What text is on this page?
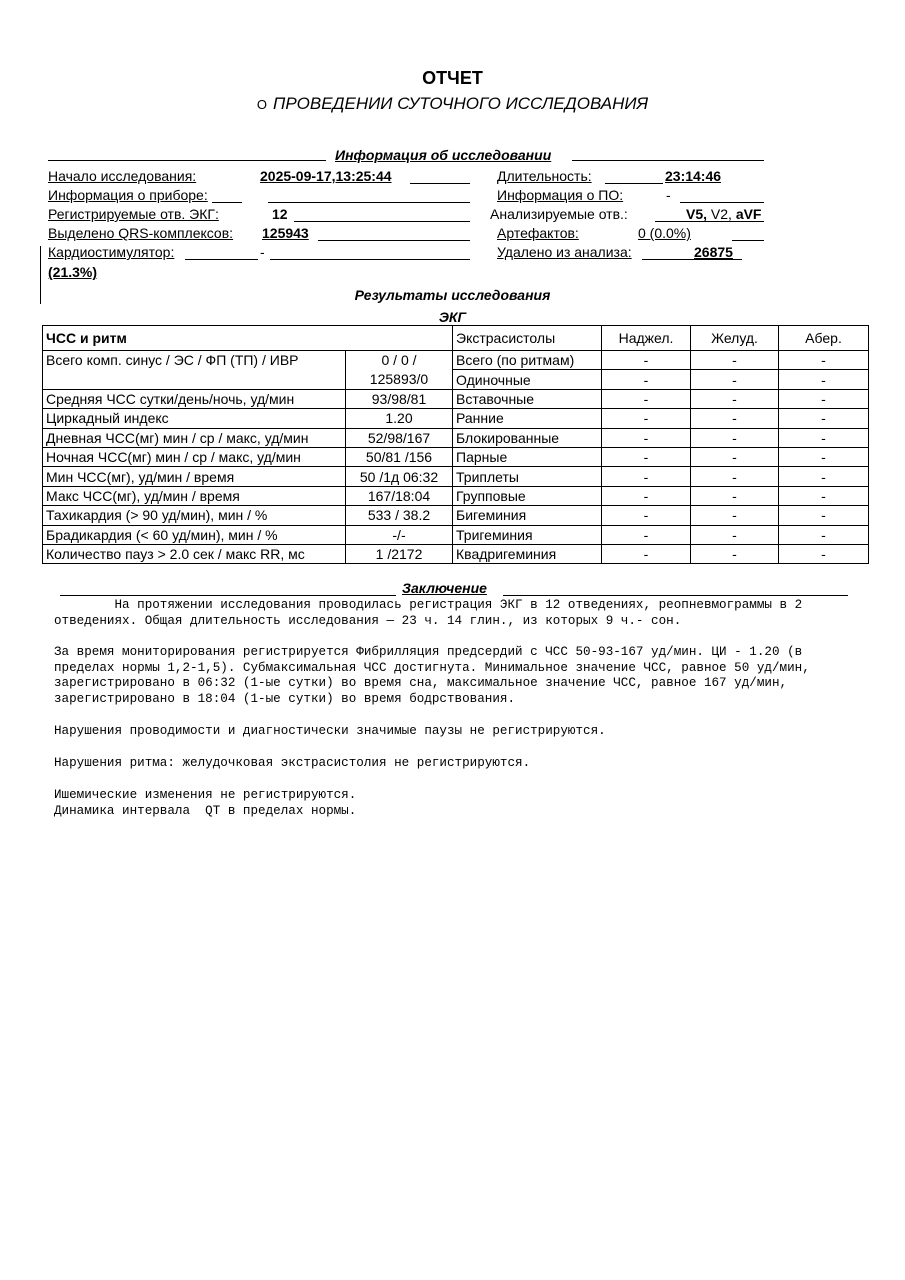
ОТЧЕТ
О ПРОВЕДЕНИИ СУТОЧНОГО ИССЛЕДОВАНИЯ
Информация об исследовании
Начало исследования:	2025-09-17,13:25:44	Длительность:	23:14:46
Информация о приборе:	Информация о ПО:	-
Регистрируемые отв. ЭКГ:	12	Анализируемые отв.:	V5, V2, aVF
Выделено QRS-комплексов: 125943	Артефактов:	0 (0.0%)
Кардиостимулятор:	-	Удалено из анализа:	26875
(21.3%)
Результаты исследования
ЭКГ
ЧСС и ритм		Экстрасистолы	Наджел.	Желуд.	Абер.
Всего комп. синус / ЭС / ФП (ТП) / ИВР	0 / 0 /	Всего (по ритмам)	-	-	-
	125893/0	Одиночные	-	-	-
Средняя ЧСС сутки/день/ночь, уд/мин	93/98/81	Вставочные	-	-	-
Циркадный индекс	1.20	Ранние	-	-	-
Дневная ЧСС(мг) мин / ср / макс, уд/мин	52/98/167	Блокированные	-	-	-
Ночная ЧСС(мг) мин / ср / макс, уд/мин	50/81 /156	Парные	-	-	-
Мин ЧСС(мг), уд/мин / время	50 /1д 06:32	Триплеты	-	-	-
Макс ЧСС(мг), уд/мин / время	167/18:04	Групповые	-	-	-
Тахикардия (> 90 уд/мин), мин / %	533 / 38.2	Бигеминия	-	-	-
Брадикардия (< 60 уд/мин), мин / %	-/-	Тригеминия	-	-	-
Количество пауз > 2.0 сек / макс RR, мс	1 /2172	Квадригеминия	-	-	-
Заключение
На протяжении исследования проводилась регистрация ЭКГ в 12 отведениях, реопневмограммы в 2
отведениях. Общая длительность исследования — 23 ч. 14 глин., из которых 9 ч.- сон.
За время мониторирования регистрируется Фибрилляция предсердий с ЧСС 50-93-167 уд/мин. ЦИ - 1.20 (в
пределах нормы 1,2-1,5). Субмаксимальная ЧСС достигнута. Минимальное значение ЧСС, равное 50 уд/мин,
зарегистрировано в 06:32 (1-ые сутки) во время сна, максимальное значение ЧСС, равное 167 уд/мин,
зарегистрировано в 18:04 (1-ые сутки) во время бодрствования.
Нарушения проводимости и диагностически значимые паузы не регистрируются.
Нарушения ритма: желудочковая экстрасистолия не регистрируются.
Ишемические изменения не регистрируются.
Динамика интервала  QT в пределах нормы.
